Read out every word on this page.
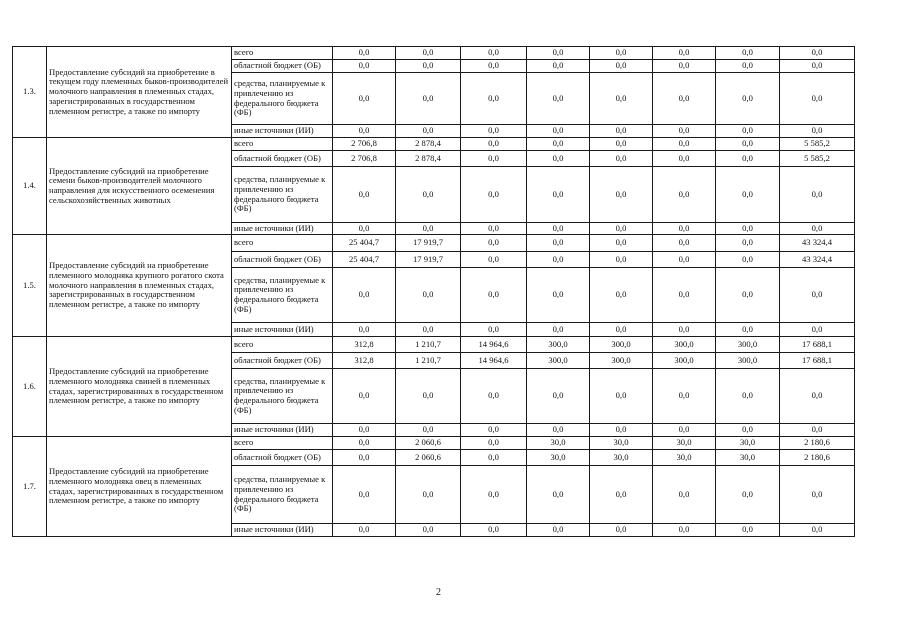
1.3.	Предоставление субсидий на приобретение в текущем году племенных быков-производителей молочного направления в племенных стадах, зарегистрированных в государственном племенном регистре, а также по импорту	всего	0,0	0,0	0,0	0,0	0,0	0,0	0,0	0,0
		областной бюджет (ОБ)	0,0	0,0	0,0	0,0	0,0	0,0	0,0	0,0
		средства, планируемые к привлечению из федерального бюджета (ФБ)	0,0	0,0	0,0	0,0	0,0	0,0	0,0	0,0
		иные источники (ИИ)	0,0	0,0	0,0	0,0	0,0	0,0	0,0	0,0
1.4.	Предоставление субсидий на приобретение семени быков-производителей молочного направления для искусственного осеменения сельскохозяйственных животных	всего	2 706,8	2 878,4	0,0	0,0	0,0	0,0	0,0	5 585,2
		областной бюджет (ОБ)	2 706,8	2 878,4	0,0	0,0	0,0	0,0	0,0	5 585,2
		средства, планируемые к привлечению из федерального бюджета (ФБ)	0,0	0,0	0,0	0,0	0,0	0,0	0,0	0,0
		иные источники (ИИ)	0,0	0,0	0,0	0,0	0,0	0,0	0,0	0,0
1.5.	Предоставление субсидий на приобретение племенного молодняка крупного рогатого скота молочного направления в племенных стадах, зарегистрированных в государственном племенном регистре, а также по импорту	всего	25 404,7	17 919,7	0,0	0,0	0,0	0,0	0,0	43 324,4
		областной бюджет (ОБ)	25 404,7	17 919,7	0,0	0,0	0,0	0,0	0,0	43 324,4
		средства, планируемые к привлечению из федерального бюджета (ФБ)	0,0	0,0	0,0	0,0	0,0	0,0	0,0	0,0
		иные источники (ИИ)	0,0	0,0	0,0	0,0	0,0	0,0	0,0	0,0
1.6.	Предоставление субсидий на приобретение племенного молодняка свиней в племенных стадах, зарегистрированных в государственном племенном регистре, а также по импорту	всего	312,8	1 210,7	14 964,6	300,0	300,0	300,0	300,0	17 688,1
		областной бюджет (ОБ)	312,8	1 210,7	14 964,6	300,0	300,0	300,0	300,0	17 688,1
		средства, планируемые к привлечению из федерального бюджета (ФБ)	0,0	0,0	0,0	0,0	0,0	0,0	0,0	0,0
		иные источники (ИИ)	0,0	0,0	0,0	0,0	0,0	0,0	0,0	0,0
1.7.	Предоставление субсидий на приобретение племенного молодняка овец в племенных стадах, зарегистрированных в государственном племенном регистре, а также по импорту	всего	0,0	2 060,6	0,0	30,0	30,0	30,0	30,0	2 180,6
		областной бюджет (ОБ)	0,0	2 060,6	0,0	30,0	30,0	30,0	30,0	2 180,6
		средства, планируемые к привлечению из федерального бюджета (ФБ)	0,0	0,0	0,0	0,0	0,0	0,0	0,0	0,0
		иные источники (ИИ)	0,0	0,0	0,0	0,0	0,0	0,0	0,0	0,0
2
